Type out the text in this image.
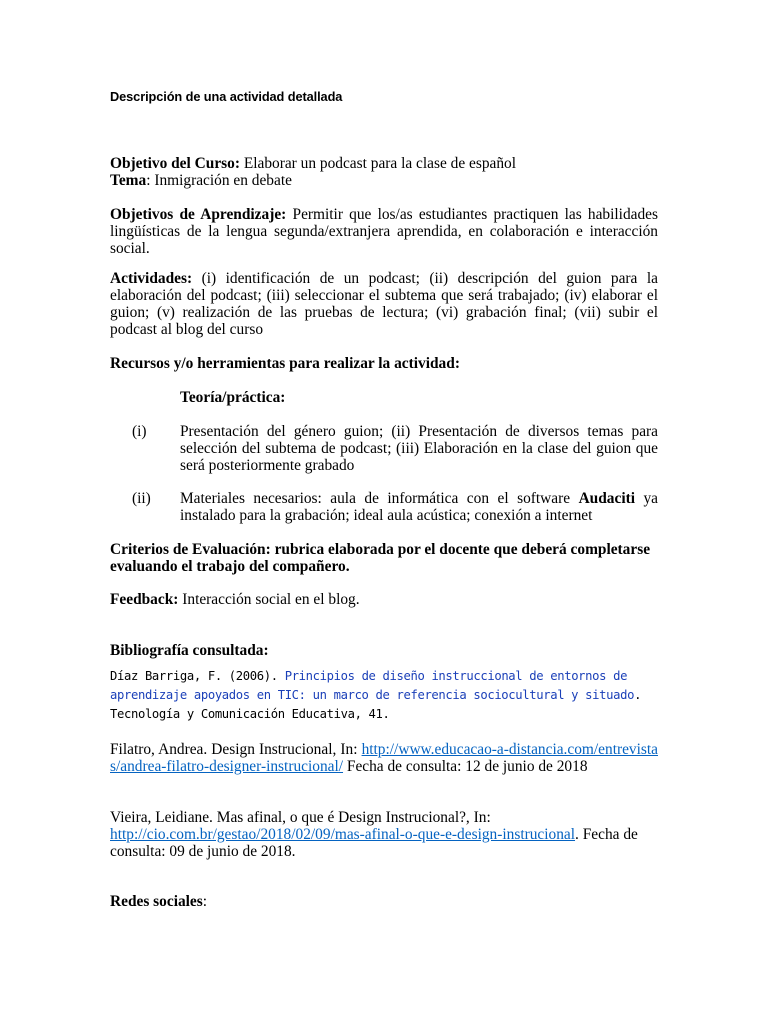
Descripción de una actividad detallada

Objetivo del Curso: Elaborar un podcast para la clase de español
Tema: Inmigración en debate

Objetivos de Aprendizaje: Permitir que los/as estudiantes practiquen las habilidades lingüísticas de la lengua segunda/extranjera aprendida, en colaboración e interacción social.

Actividades: (i) identificación de un podcast; (ii) descripción del guion para la elaboración del podcast; (iii) seleccionar el subtema que será trabajado; (iv) elaborar el guion; (v) realización de las pruebas de lectura; (vi) grabación final; (vii) subir el podcast al blog del curso

Recursos y/o herramientas para realizar la actividad:

Teoría/práctica:

(i) Presentación del género guion; (ii) Presentación de diversos temas para selección del subtema de podcast; (iii) Elaboración en la clase del guion que será posteriormente grabado

(ii) Materiales necesarios: aula de informática con el software Audaciti ya instalado para la grabación; ideal aula acústica; conexión a internet

Criterios de Evaluación: rubrica elaborada por el docente que deberá completarse evaluando el trabajo del compañero.

Feedback: Interacción social en el blog.

Bibliografía consultada:

Díaz Barriga, F. (2006). Principios de diseño instruccional de entornos de aprendizaje apoyados en TIC: un marco de referencia sociocultural y situado. Tecnología y Comunicación Educativa, 41.

Filatro, Andrea. Design Instrucional, In: http://www.educacao-a-distancia.com/entrevistas/andrea-filatro-designer-instrucional/ Fecha de consulta: 12 de junio de 2018

Vieira, Leidiane. Mas afinal, o que é Design Instrucional?, In:
http://cio.com.br/gestao/2018/02/09/mas-afinal-o-que-e-design-instrucional. Fecha de consulta: 09 de junio de 2018.

Redes sociales:
